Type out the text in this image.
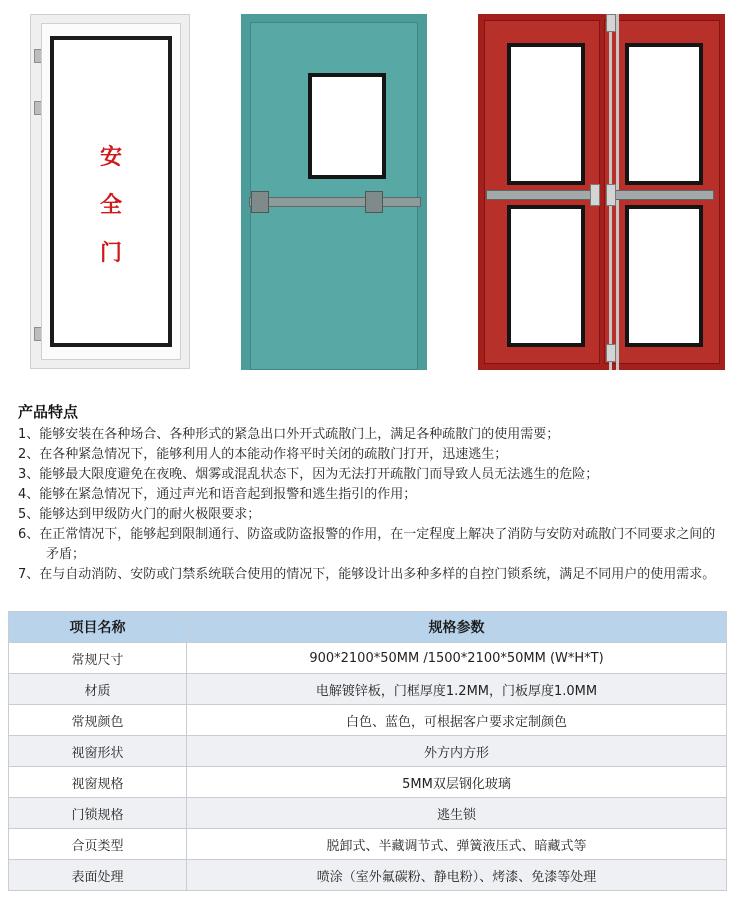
安
全
门
产品特点
1、能够安装在各种场合、各种形式的紧急出口外开式疏散门上，满足各种疏散门的使用需要；
2、在各种紧急情况下，能够利用人的本能动作将平时关闭的疏散门打开，迅速逃生；
3、能够最大限度避免在夜晚、烟雾或混乱状态下，因为无法打开疏散门而导致人员无法逃生的危险；
4、能够在紧急情况下，通过声光和语音起到报警和逃生指引的作用；
5、能够达到甲级防火门的耐火极限要求；
6、在正常情况下，能够起到限制通行、防盗或防盗报警的作用，在一定程度上解决了消防与安防对疏散门不同要求之间的矛盾；
7、在与自动消防、安防或门禁系统联合使用的情况下，能够设计出多种多样的自控门锁系统，满足不同用户的使用需求。
项目名称	规格参数
常规尺寸	900*2100*50MM /1500*2100*50MM (W*H*T)
材质	电解镀锌板，门框厚度1.2MM，门板厚度1.0MM
常规颜色	白色、蓝色，可根据客户要求定制颜色
视窗形状	外方内方形
视窗规格	5MM双层钢化玻璃
门锁规格	逃生锁
合页类型	脱卸式、半藏调节式、弹簧液压式、暗藏式等
表面处理	喷涂（室外氟碳粉、静电粉）、烤漆、免漆等处理
